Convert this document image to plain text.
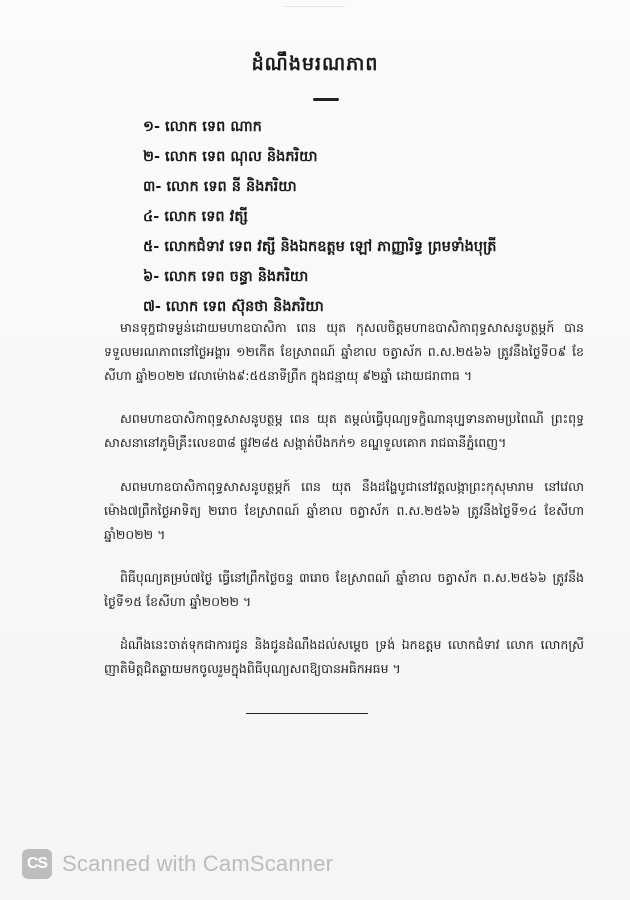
ដំណឹងមរណភាព
១- លោក ទេព ណាក
២- លោក ទេព ណុល និងភរិយា
៣- លោក ទេព នី និងភរិយា
៤- លោក ទេព វត្សី
៥- លោកជំទាវ ទេព វត្សី និងឯកឧត្តម ឡៅ ភាញ្ញារិទ្ធ ព្រមទាំងបុត្រី
៦- លោក ទេព ចន្ធា និងភរិយា
៧- លោក ទេព ស៊ុនថា និងភរិយា

មានទុក្ខជាទម្ងន់ដោយមហាឧបាសិកា ពេន យុត កុសលចិត្តមហាឧបាសិកាពុទ្ធសាសនូបត្ថម្ភក៍ បានទទួលមរណភាពនៅថ្ងៃអង្គារ ១២កើត ខែស្រាពណ៍ ឆ្នាំខាល ចត្វាស័ក ព.ស.២៥៦៦ ត្រូវនឹងថ្ងៃទី០៩ ខែសីហា ឆ្នាំ២០២២ វេលាម៉ោង៩:៥៥នាទីព្រឹក ក្នុងជន្មាយុ ៩២ឆ្នាំ ដោយជរាពាធ ។

សពមហាឧបាសិកាពុទ្ធសាសនូបត្ថម្ភ ពេន យុត តម្កល់ធ្វើបុណ្យទក្ខិណានុប្បទានតាមប្រពៃណី ព្រះពុទ្ធសាសនានៅភូមិគ្រឹះលេខ៣៨ ផ្លូវ២៨៥ សង្កាត់បឹងកក់១ ខណ្ឌទួលគោក រាជធានីភ្នំពេញ។

សពមហាឧបាសិកាពុទ្ធសាសនូបត្ថម្ភក៍ ពេន យុត នឹងដង្ហែបូជានៅវត្តលង្កាព្រះកុសុមារាម នៅវេលាម៉ោង៧ព្រឹកថ្ងៃអាទិត្យ ២រោច ខែស្រាពណ៍ ឆ្នាំខាល ចត្វាស័ក ព.ស.២៥៦៦ ត្រូវនឹងថ្ងៃទី១៤ ខែសីហា ឆ្នាំ២០២២ ។

ពិធីបុណ្យគម្រប់៧ថ្ងៃ ធ្វើនៅព្រឹកថ្ងៃចន្ទ ៣រោច ខែស្រាពណ៍ ឆ្នាំខាល ចត្វាស័ក ព.ស.២៥៦៦ ត្រូវនឹង ថ្ងៃទី១៥ ខែសីហា ឆ្នាំ២០២២ ។

ដំណឹងនេះចាត់ទុកជាការជូន និងជូនដំណឹងដល់សម្តេច ទ្រង់ ឯកឧត្តម លោកជំទាវ លោក លោកស្រី ញាតិមិត្តជិតឆ្ងាយមកចូលរួមក្នុងពិធីបុណ្យសពឱ្យបានអធិកអធម ។

CS Scanned with CamScanner
